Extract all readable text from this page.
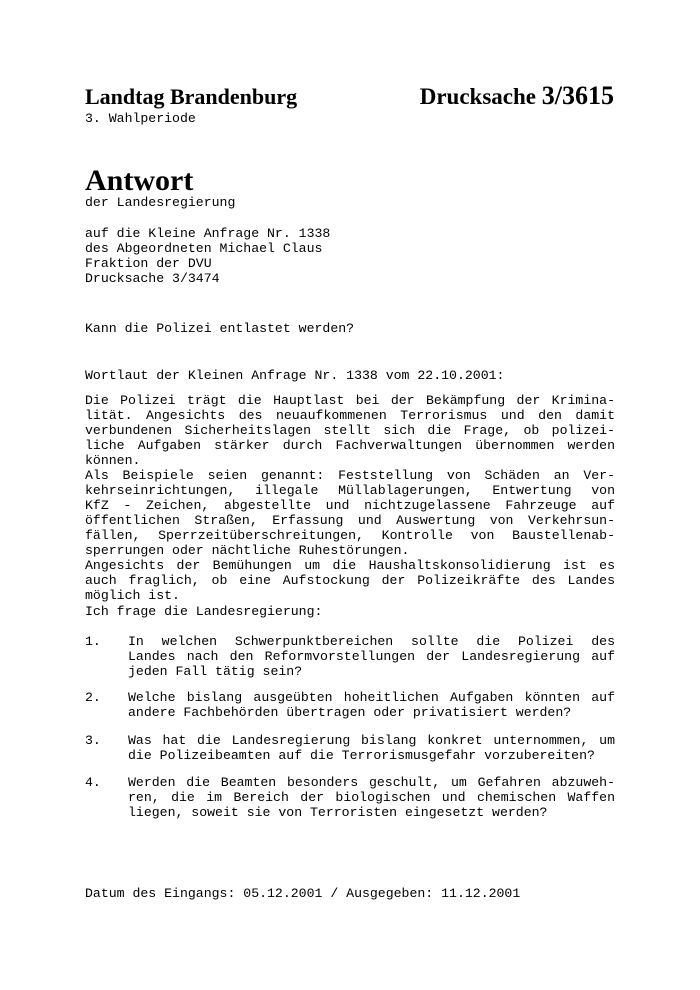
Landtag Brandenburg	Drucksache 3/3615
3. Wahlperiode
Antwort
der Landesregierung
auf die Kleine Anfrage Nr. 1338
des Abgeordneten Michael Claus
Fraktion der DVU
Drucksache 3/3474
Kann die Polizei entlastet werden?
Wortlaut der Kleinen Anfrage Nr. 1338 vom 22.10.2001:
Die Polizei trägt die Hauptlast bei der Bekämpfung der Krimina-
lität. Angesichts des neuaufkommenen Terrorismus und den damit
verbundenen Sicherheitslagen stellt sich die Frage, ob polizei-
liche Aufgaben stärker durch Fachverwaltungen übernommen werden
können.
Als Beispiele seien genannt: Feststellung von Schäden an Ver-
kehrseinrichtungen, illegale Müllablagerungen, Entwertung von
KfZ - Zeichen, abgestellte und nichtzugelassene Fahrzeuge auf
öffentlichen Straßen, Erfassung und Auswertung von Verkehrsun-
fällen, Sperrzeitüberschreitungen, Kontrolle von Baustellenab-
sperrungen oder nächtliche Ruhestörungen.
Angesichts der Bemühungen um die Haushaltskonsolidierung ist es
auch fraglich, ob eine Aufstockung der Polizeikräfte des Landes
möglich ist.
Ich frage die Landesregierung:
1. In welchen Schwerpunktbereichen sollte die Polizei des
Landes nach den Reformvorstellungen der Landesregierung auf
jeden Fall tätig sein?
2. Welche bislang ausgeübten hoheitlichen Aufgaben könnten auf
andere Fachbehörden übertragen oder privatisiert werden?
3. Was hat die Landesregierung bislang konkret unternommen, um
die Polizeibeamten auf die Terrorismusgefahr vorzubereiten?
4. Werden die Beamten besonders geschult, um Gefahren abzuweh-
ren, die im Bereich der biologischen und chemischen Waffen
liegen, soweit sie von Terroristen eingesetzt werden?
Datum des Eingangs: 05.12.2001 / Ausgegeben: 11.12.2001
